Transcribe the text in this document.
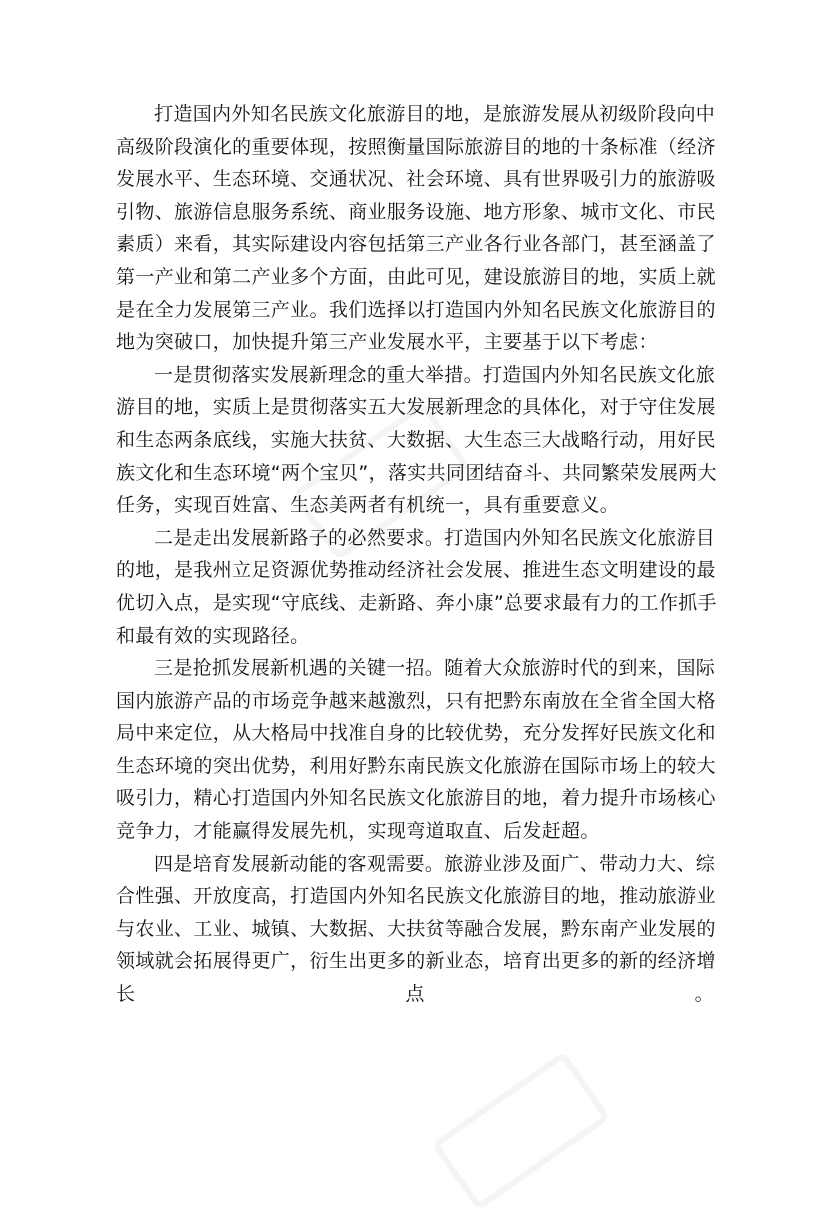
打造国内外知名民族文化旅游目的地，是旅游发展从初级阶段向中
高级阶段演化的重要体现，按照衡量国际旅游目的地的十条标准（经济
发展水平、生态环境、交通状况、社会环境、具有世界吸引力的旅游吸
引物、旅游信息服务系统、商业服务设施、地方形象、城市文化、市民
素质）来看，其实际建设内容包括第三产业各行业各部门，甚至涵盖了
第一产业和第二产业多个方面，由此可见，建设旅游目的地，实质上就
是在全力发展第三产业。我们选择以打造国内外知名民族文化旅游目的
地为突破口，加快提升第三产业发展水平，主要基于以下考虑：
一是贯彻落实发展新理念的重大举措。打造国内外知名民族文化旅
游目的地，实质上是贯彻落实五大发展新理念的具体化，对于守住发展
和生态两条底线，实施大扶贫、大数据、大生态三大战略行动，用好民
族文化和生态环境“两个宝贝”，落实共同团结奋斗、共同繁荣发展两大
任务，实现百姓富、生态美两者有机统一，具有重要意义。
二是走出发展新路子的必然要求。打造国内外知名民族文化旅游目
的地，是我州立足资源优势推动经济社会发展、推进生态文明建设的最
优切入点，是实现“守底线、走新路、奔小康”总要求最有力的工作抓手
和最有效的实现路径。
三是抢抓发展新机遇的关键一招。随着大众旅游时代的到来，国际
国内旅游产品的市场竞争越来越激烈，只有把黔东南放在全省全国大格
局中来定位，从大格局中找准自身的比较优势，充分发挥好民族文化和
生态环境的突出优势，利用好黔东南民族文化旅游在国际市场上的较大
吸引力，精心打造国内外知名民族文化旅游目的地，着力提升市场核心
竞争力，才能赢得发展先机，实现弯道取直、后发赶超。
四是培育发展新动能的客观需要。旅游业涉及面广、带动力大、综
合性强、开放度高，打造国内外知名民族文化旅游目的地，推动旅游业
与农业、工业、城镇、大数据、大扶贫等融合发展，黔东南产业发展的
领域就会拓展得更广，衍生出更多的新业态，培育出更多的新的经济增
长	点	。
